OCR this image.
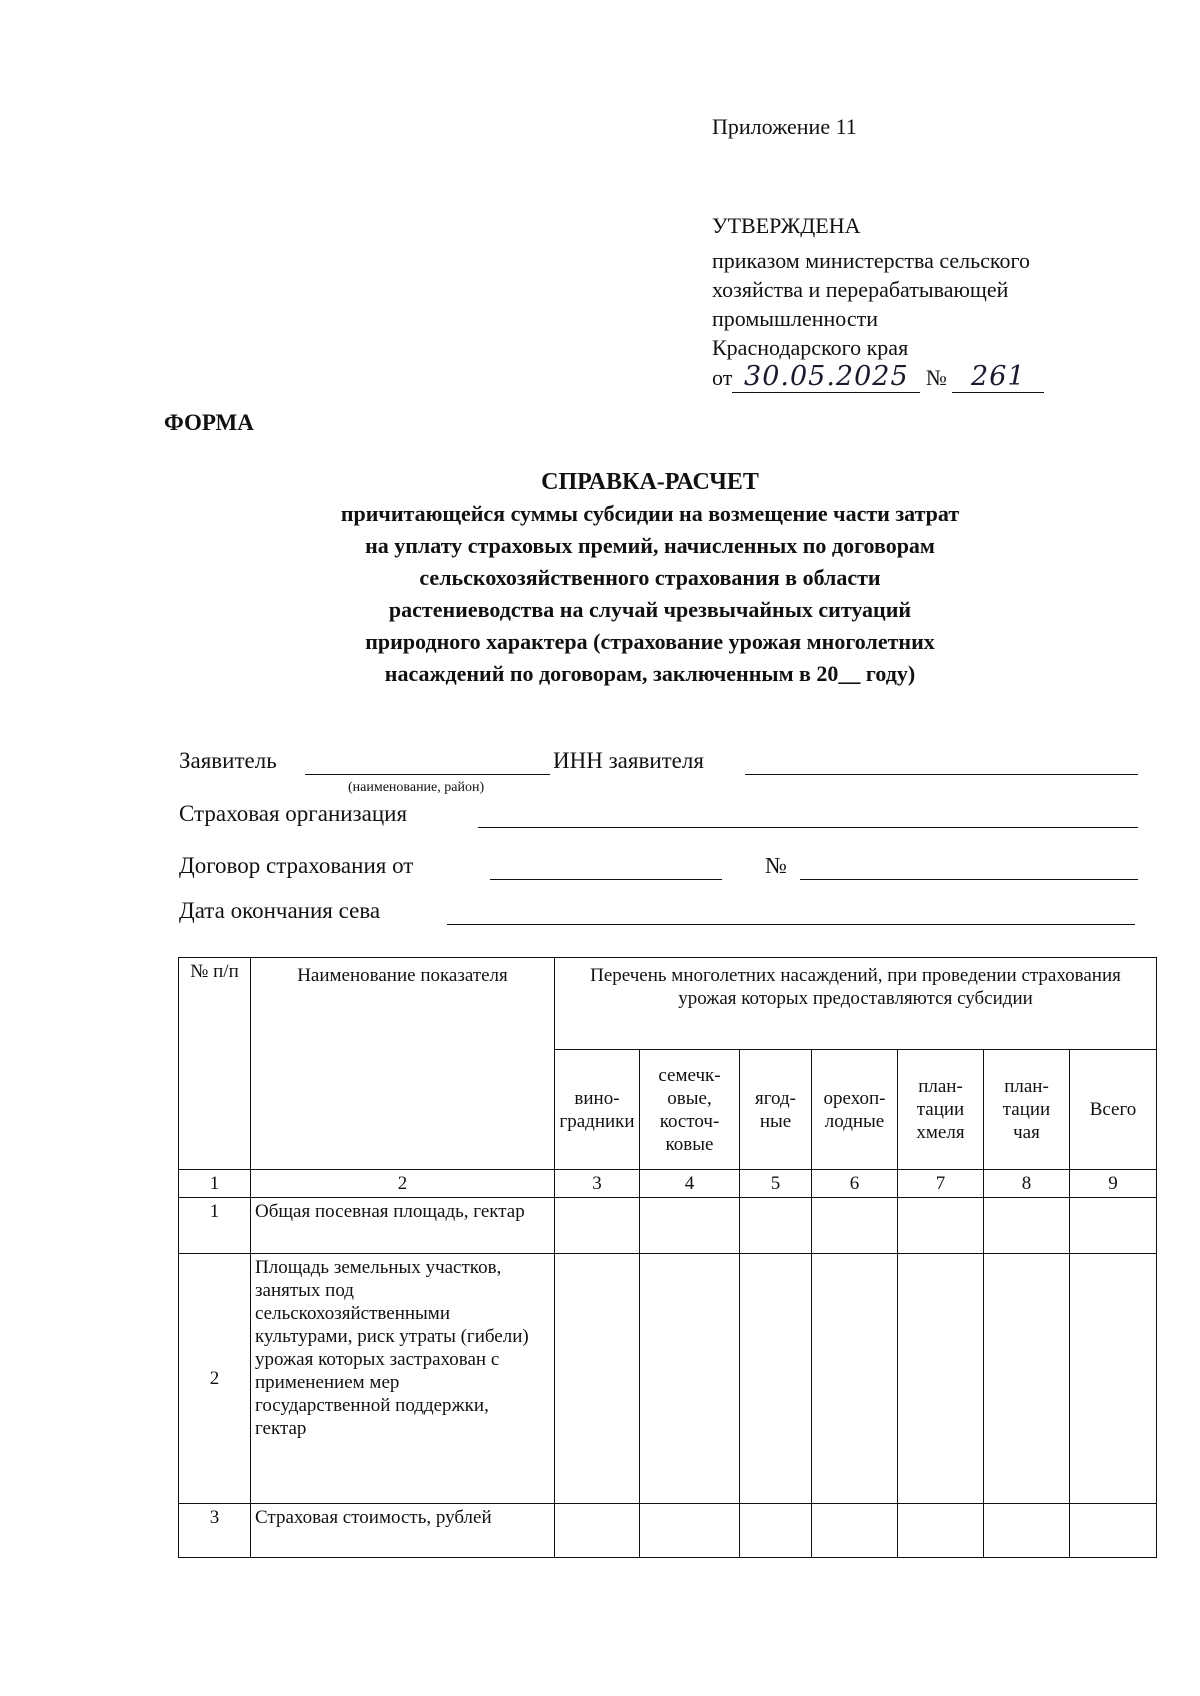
Приложение 11
УТВЕРЖДЕНА
приказом министерства сельского
хозяйства и перерабатывающей
промышленности
Краснодарского края
от 30.05.2025 № 261
ФОРМА
СПРАВКА-РАСЧЕТ
причитающейся суммы субсидии на возмещение части затрат
на уплату страховых премий, начисленных по договорам
сельскохозяйственного страхования в области
растениеводства на случай чрезвычайных ситуаций
природного характера (страхование урожая многолетних
насаждений по договорам, заключенным в 20__ году)
Заявитель
(наименование, район)
ИНН заявителя
Страховая организация
Договор страхования от	№
Дата окончания сева
№ п/п	Наименование показателя	Перечень многолетних насаждений, при проведении страхования урожая которых предоставляются субсидии						
		виноградники	семечковые, косточковые	ягодные	орехоплодные	плантации хмеля	плантации чая	Всего
1	2	3	4	5	6	7	8	9
1	Общая посевная площадь, гектар							
2	Площадь земельных участков, занятых под сельскохозяйственными культурами, риск утраты (гибели) урожая которых застрахован с применением мер государственной поддержки, гектар							
3	Страховая стоимость, рублей							
